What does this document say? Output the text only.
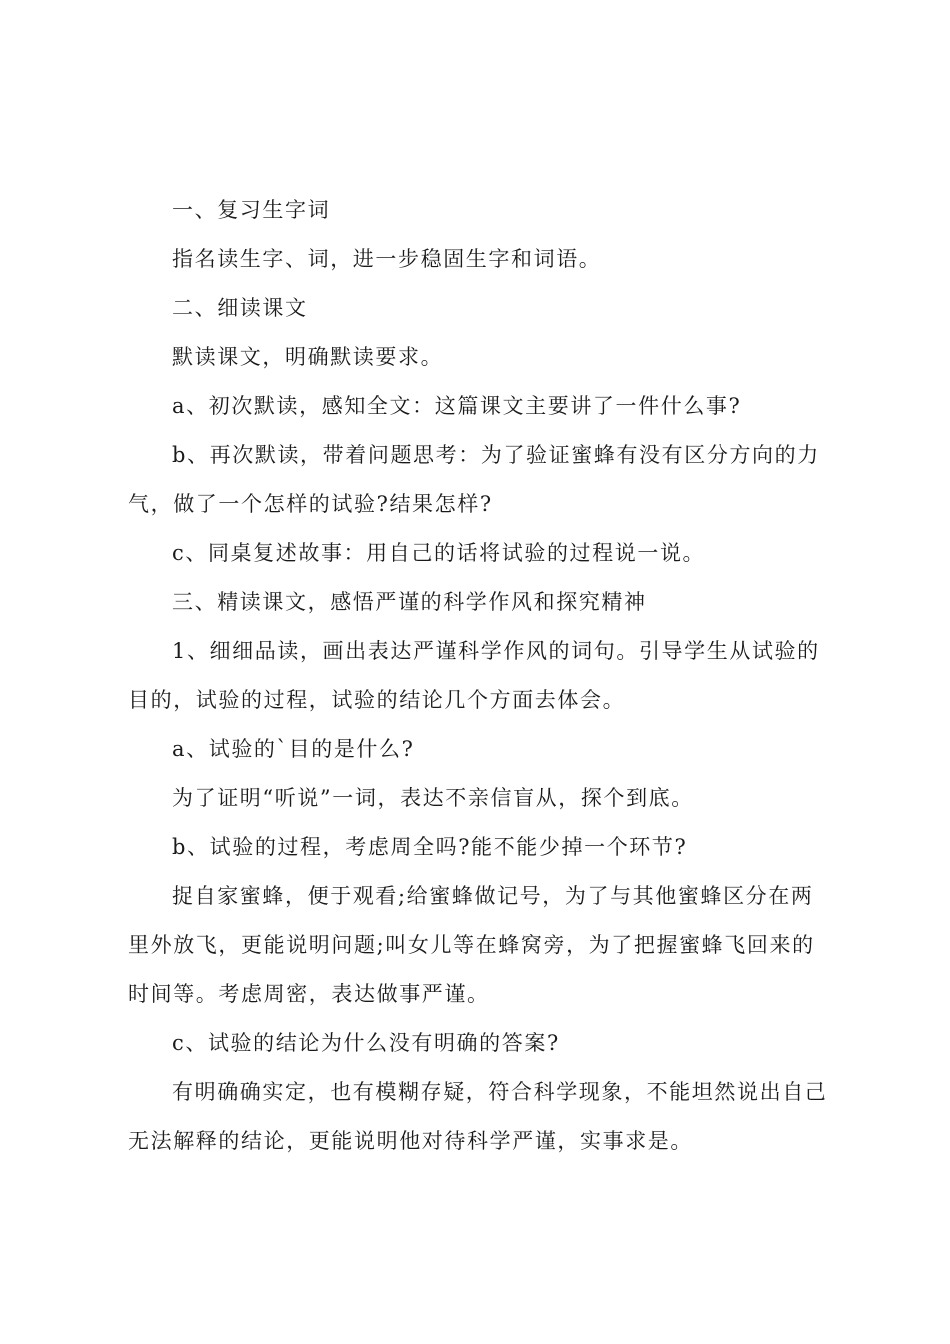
一、复习生字词

指名读生字、词，进一步稳固生字和词语。

二、细读课文

默读课文，明确默读要求。

a、初次默读，感知全文：这篇课文主要讲了一件什么事?

b、再次默读，带着问题思考：为了验证蜜蜂有没有区分方向的力气，做了一个怎样的试验?结果怎样?

c、同桌复述故事：用自己的话将试验的过程说一说。

三、精读课文，感悟严谨的科学作风和探究精神

1、细细品读，画出表达严谨科学作风的词句。引导学生从试验的目的，试验的过程，试验的结论几个方面去体会。

a、试验的`目的是什么?

为了证明“听说”一词，表达不亲信盲从，探个到底。

b、试验的过程，考虑周全吗?能不能少掉一个环节?

捉自家蜜蜂，便于观看;给蜜蜂做记号，为了与其他蜜蜂区分在两里外放飞，更能说明问题;叫女儿等在蜂窝旁，为了把握蜜蜂飞回来的时间等。考虑周密，表达做事严谨。

c、试验的结论为什么没有明确的答案?

有明确确实定，也有模糊存疑，符合科学现象，不能坦然说出自己无法解释的结论，更能说明他对待科学严谨，实事求是。
